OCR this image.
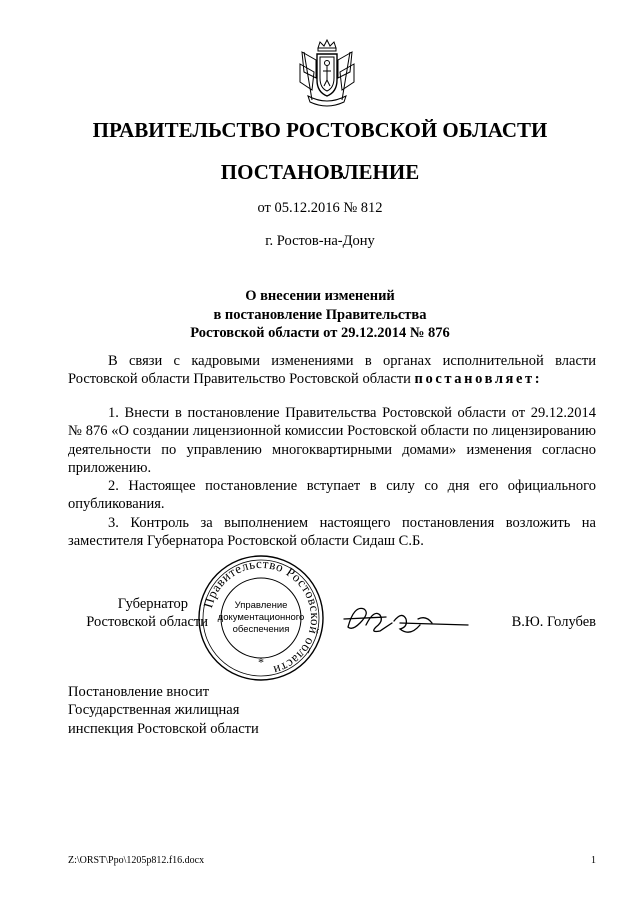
ПРАВИТЕЛЬСТВО РОСТОВСКОЙ ОБЛАСТИ
ПОСТАНОВЛЕНИЕ
от 05.12.2016 № 812
г. Ростов-на-Дону
О внесении изменений
в постановление Правительства
Ростовской области от 29.12.2014 № 876
В связи с кадровыми изменениями в органах исполнительной власти Ростовской области Правительство Ростовской области постановляет:
1. Внести в постановление Правительства Ростовской области от 29.12.2014 № 876 «О создании лицензионной комиссии Ростовской области по лицензированию деятельности по управлению многоквартирными домами» изменения согласно приложению.
2. Настоящее постановление вступает в силу со дня его официального опубликования.
3. Контроль за выполнением настоящего постановления возложить на заместителя Губернатора Ростовской области Сидаш С.Б.
Губернатор
Ростовской области
Правительство Ростовской области
Управление
документационного
обеспечения
*
В.Ю. Голубев
Постановление вносит
Государственная жилищная
инспекция Ростовской области
Z:\ORST\Ppo\1205p812.f16.docx	1
